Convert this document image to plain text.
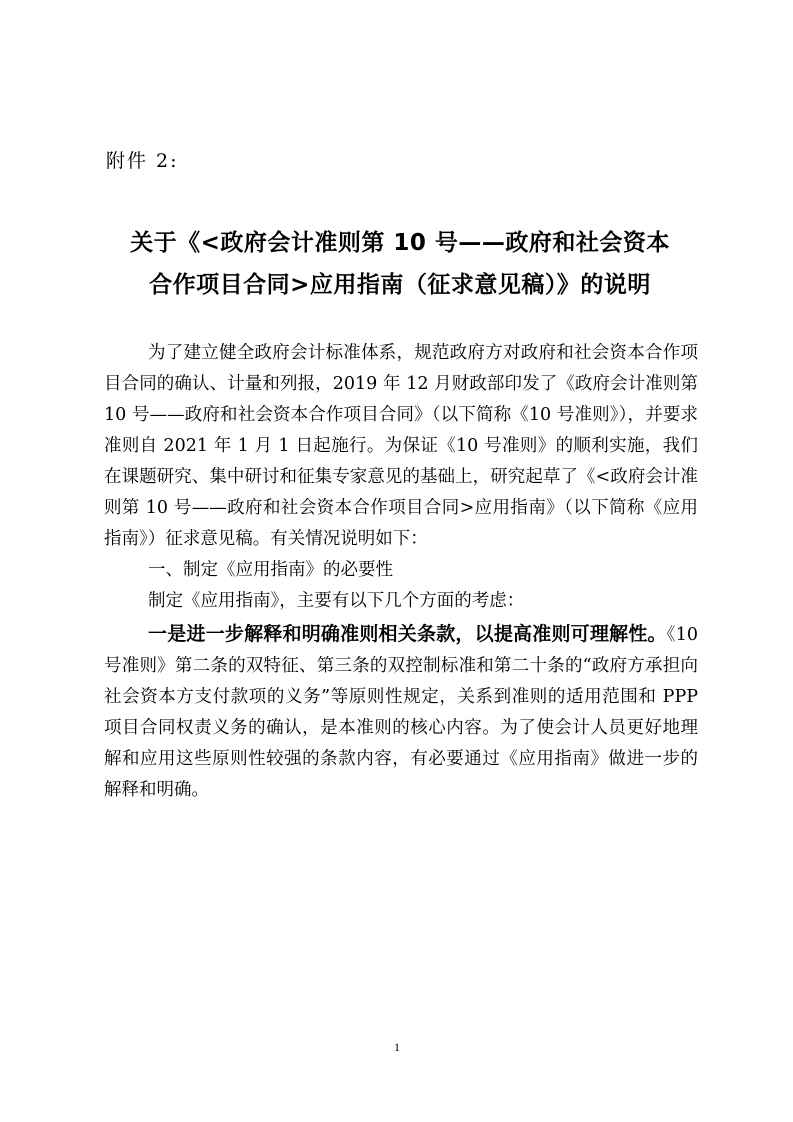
附件 2:
关于《<政府会计准则第 10 号——政府和社会资本
合作项目合同>应用指南（征求意见稿）》的说明

为了建立健全政府会计标准体系，规范政府方对政府和社会资本合作项目合同的确认、计量和列报，2019 年 12 月财政部印发了《政府会计准则第 10 号——政府和社会资本合作项目合同》（以下简称《10 号准则》），并要求准则自 2021 年 1 月 1 日起施行。为保证《10 号准则》的顺利实施，我们在课题研究、集中研讨和征集专家意见的基础上，研究起草了《<政府会计准则第 10 号——政府和社会资本合作项目合同>应用指南》（以下简称《应用指南》）征求意见稿。有关情况说明如下：

一、制定《应用指南》的必要性

制定《应用指南》，主要有以下几个方面的考虑：

一是进一步解释和明确准则相关条款，以提高准则可理解性。《10 号准则》第二条的双特征、第三条的双控制标准和第二十条的“政府方承担向社会资本方支付款项的义务”等原则性规定，关系到准则的适用范围和 PPP 项目合同权责义务的确认，是本准则的核心内容。为了使会计人员更好地理解和应用这些原则性较强的条款内容，有必要通过《应用指南》做进一步的解释和明确。

1
